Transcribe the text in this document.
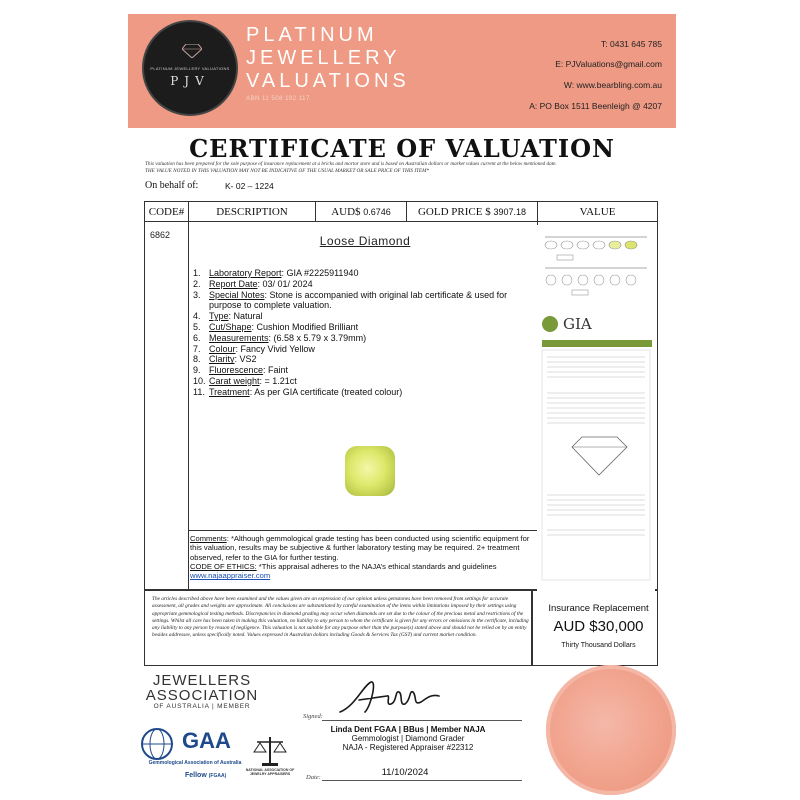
PLATINUM JEWELLERY VALUATIONS
PJV
PLATINUM
JEWELLERY
VALUATIONS
ABN 11 508 192 117
T: 0431 645 785
E: PJValuations@gmail.com
W: www.bearbling.com.au
A: PO Box 1511 Beenleigh @ 4207
CERTIFICATE OF VALUATION
This valuation has been prepared for the sole purpose of insurance replacement at a bricks and mortar store and is based on Australian dollars or market values current at the below mentioned date.
THE VALUE NOTED IN THIS VALUATION MAY NOT BE INDICATIVE OF THE USUAL MARKET OR SALE PRICE OF THIS ITEM*
On behalf of:	K- 02 – 1224
CODE#	DESCRIPTION	AUD$ 0.6746	GOLD PRICE $ 3907.18	VALUE
6862	Loose Diamond
1. Laboratory Report : GIA #2225911940
2. Report Date : 03/ 01/ 2024
3. Special Notes : Stone is accompanied with original lab certificate & used for
purpose to complete valuation.
4. Type : Natural
5. Cut/Shape : Cushion Modified Brilliant
6. Measurements : (6.58 x 5.79 x 3.79mm)
7. Colour : Fancy Vivid Yellow
8. Clarity : VS2
9. Fluorescence : Faint
10. Carat weight : = 1.21ct
11. Treatment : As per GIA certificate (treated colour)
Comments: *Although gemmological grade testing has been conducted using scientific equipment for this valuation, results may be subjective & further laboratory testing may be required. 2+ treatment observed, refer to the GIA for further testing.
CODE OF ETHICS: *This appraisal adheres to the NAJA’s ethical standards and guidelines
www.najaappraiser.com
GIA
The articles described above have been examined and the values given are an expression of our opinion unless gemstones have been removed from settings for accurate assessment, all grades and weights are approximate. All conclusions are substantiated by careful examination of the items within limitations imposed by their settings using appropriate gemmological testing methods. Discrepancies in diamond grading may occur when diamonds are set due to the colour of the precious metal and restrictions of the settings. Whilst all care has been taken in making this valuation, no liability to any person to whom the certificate is given for any errors or omissions in the certificate, including any liability to any person by reason of negligence. This valuation is not suitable for any purpose other than the purpose(s) stated above and should not be relied on by an entity besides addressee, unless specifically noted. Values expressed in Australian dollars including Goods & Services Tax (GST) and current market condition.
Insurance Replacement
AUD $30,000
Thirty Thousand Dollars
JEWELLERS
ASSOCIATION
OF AUSTRALIA | MEMBER
GAA
Gemmological Association of Australia
Fellow (FGAA)
NATIONAL ASSOCIATION OF JEWELRY APPRAISERS
Signed:
Linda Dent FGAA | BBus | Member NAJA
Gemmologist | Diamond Grader
NAJA - Registered Appraiser #22312
Date:	11/10/2024
